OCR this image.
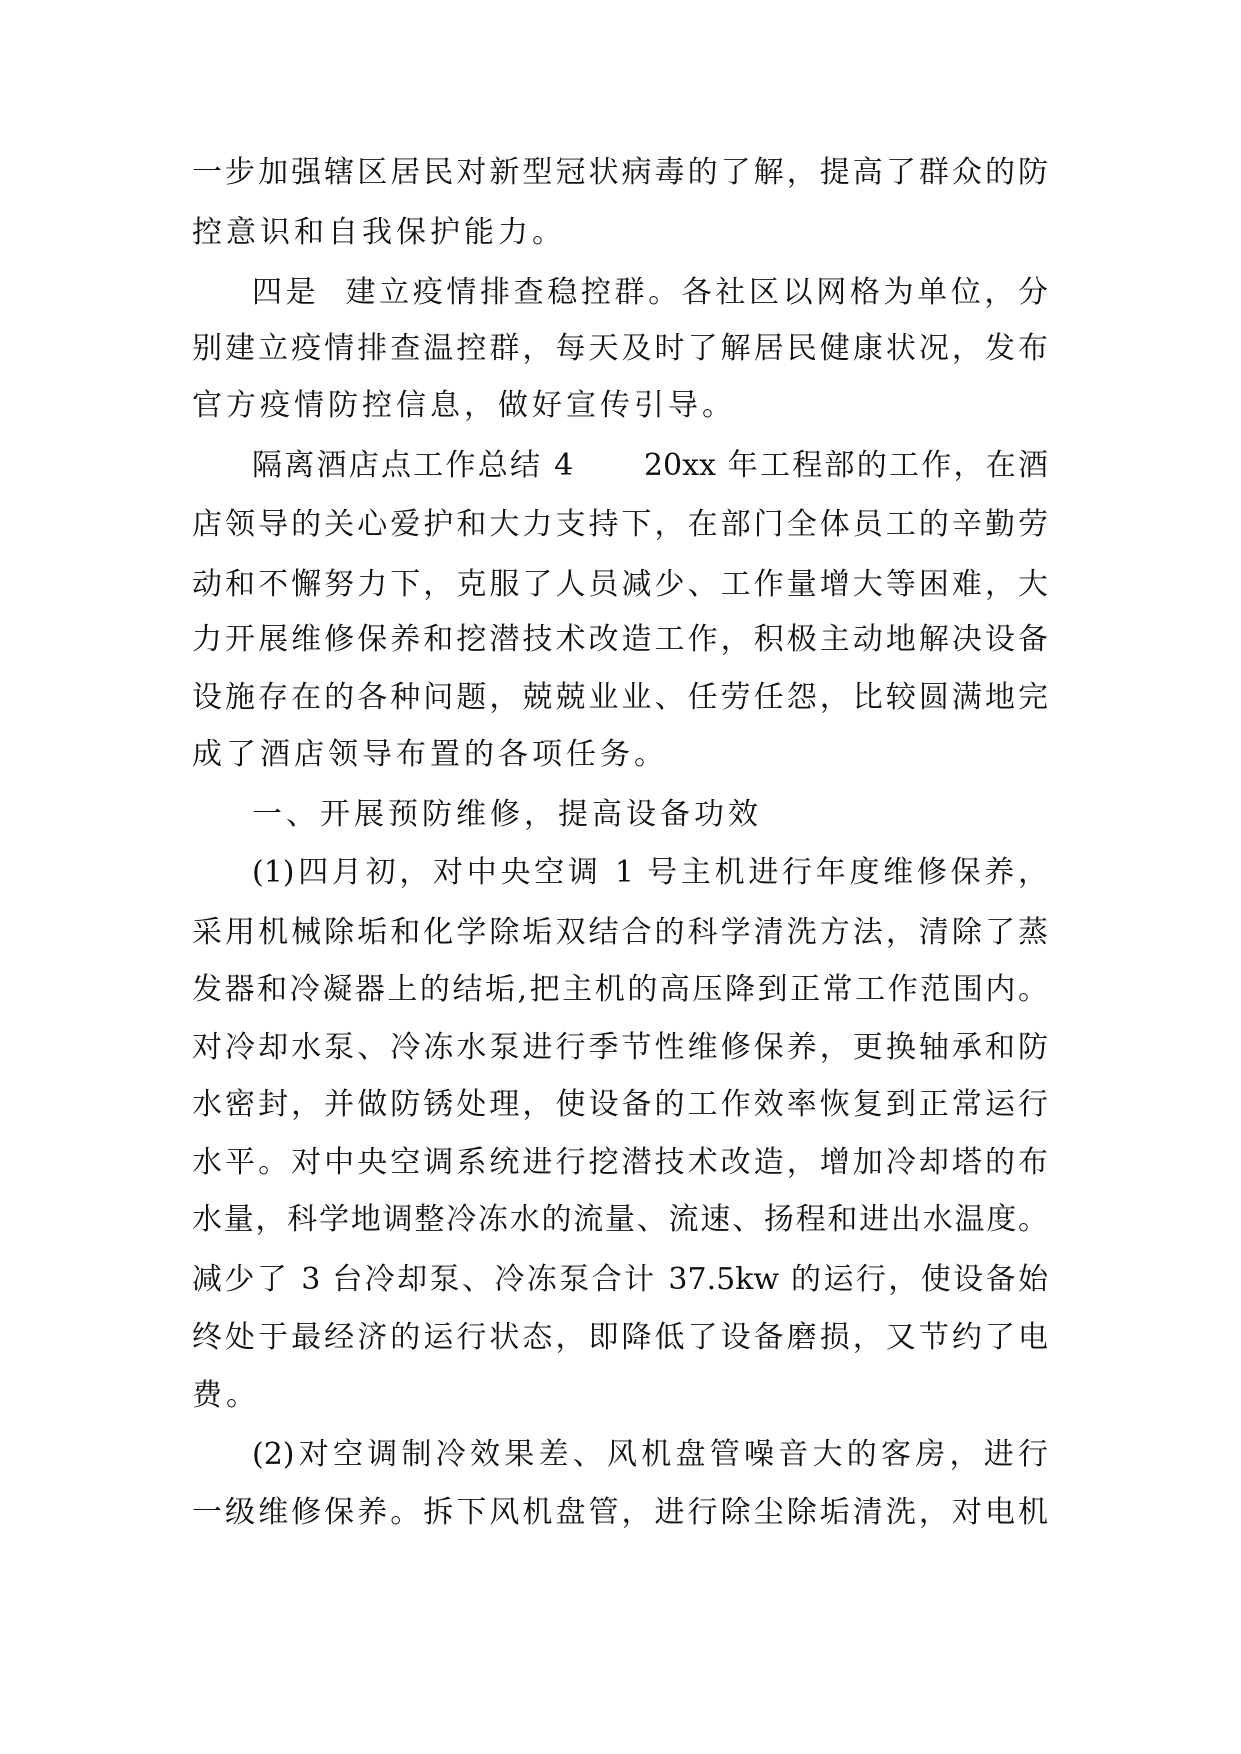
一步加强辖区居民对新型冠状病毒的了解，提高了群众的防
控意识和自我保护能力。
四是  建立疫情排查稳控群。各社区以网格为单位，分
别建立疫情排查温控群，每天及时了解居民健康状况，发布
官方疫情防控信息，做好宣传引导。
隔离酒店点工作总结 4      20xx 年工程部的工作，在酒
店领导的关心爱护和大力支持下，在部门全体员工的辛勤劳
动和不懈努力下，克服了人员减少、工作量增大等困难，大
力开展维修保养和挖潜技术改造工作，积极主动地解决设备
设施存在的各种问题，兢兢业业、任劳任怨，比较圆满地完
成了酒店领导布置的各项任务。
一、开展预防维修，提高设备功效
(1)四月初，对中央空调 1 号主机进行年度维修保养，
采用机械除垢和化学除垢双结合的科学清洗方法，清除了蒸
发器和冷凝器上的结垢,把主机的高压降到正常工作范围内。
对冷却水泵、冷冻水泵进行季节性维修保养，更换轴承和防
水密封，并做防锈处理，使设备的工作效率恢复到正常运行
水平。对中央空调系统进行挖潜技术改造，增加冷却塔的布
水量，科学地调整冷冻水的流量、流速、扬程和进出水温度。
减少了 3 台冷却泵、冷冻泵合计 37.5kw 的运行，使设备始
终处于最经济的运行状态，即降低了设备磨损，又节约了电
费。
(2)对空调制冷效果差、风机盘管噪音大的客房，进行
一级维修保养。拆下风机盘管，进行除尘除垢清洗，对电机
